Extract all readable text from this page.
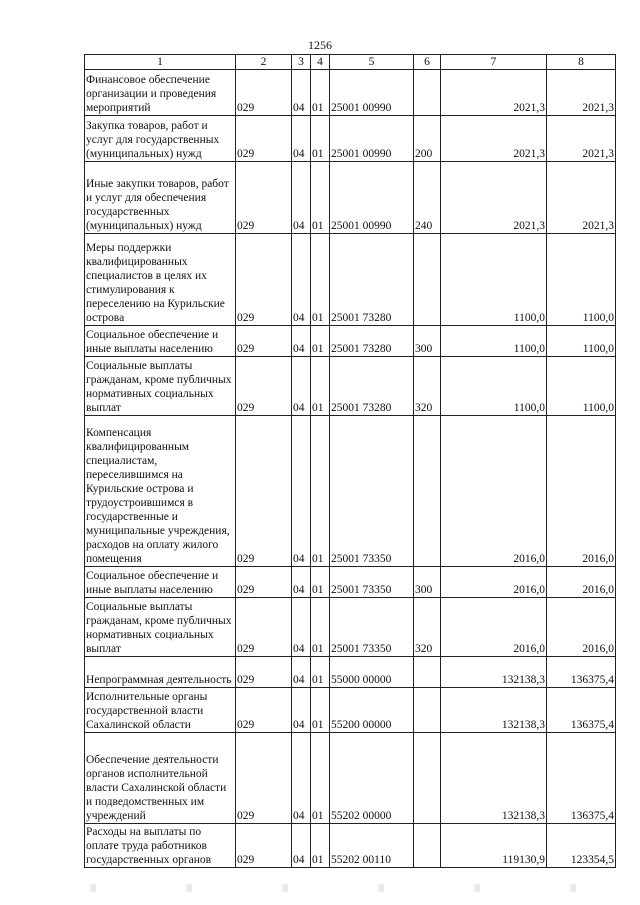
1256
1	2	3	4	5	6	7	8
Финансовое обеспечение организации и проведения мероприятий	029	04	01	25001 00990		2021,3	2021,3
Закупка товаров, работ и услуг для государственных (муниципальных) нужд	029	04	01	25001 00990	200	2021,3	2021,3
Иные закупки товаров, работ и услуг для обеспечения государственных (муниципальных) нужд	029	04	01	25001 00990	240	2021,3	2021,3
Меры поддержки квалифицированных специалистов в целях их стимулирования к переселению на Курильские острова	029	04	01	25001 73280		1100,0	1100,0
Социальное обеспечение и иные выплаты населению	029	04	01	25001 73280	300	1100,0	1100,0
Социальные выплаты гражданам, кроме публичных нормативных социальных выплат	029	04	01	25001 73280	320	1100,0	1100,0
Компенсация квалифицированным специалистам, переселившимся на Курильские острова и трудоустроившимся в государственные и муниципальные учреждения, расходов на оплату жилого помещения	029	04	01	25001 73350		2016,0	2016,0
Социальное обеспечение и иные выплаты населению	029	04	01	25001 73350	300	2016,0	2016,0
Социальные выплаты гражданам, кроме публичных нормативных социальных выплат	029	04	01	25001 73350	320	2016,0	2016,0
Непрограммная деятельность	029	04	01	55000 00000		132138,3	136375,4
Исполнительные органы государственной власти Сахалинской области	029	04	01	55200 00000		132138,3	136375,4
Обеспечение деятельности органов исполнительной власти Сахалинской области и подведомственных им учреждений	029	04	01	55202 00000		132138,3	136375,4
Расходы на выплаты по оплате труда работников государственных органов	029	04	01	55202 00110		119130,9	123354,5
